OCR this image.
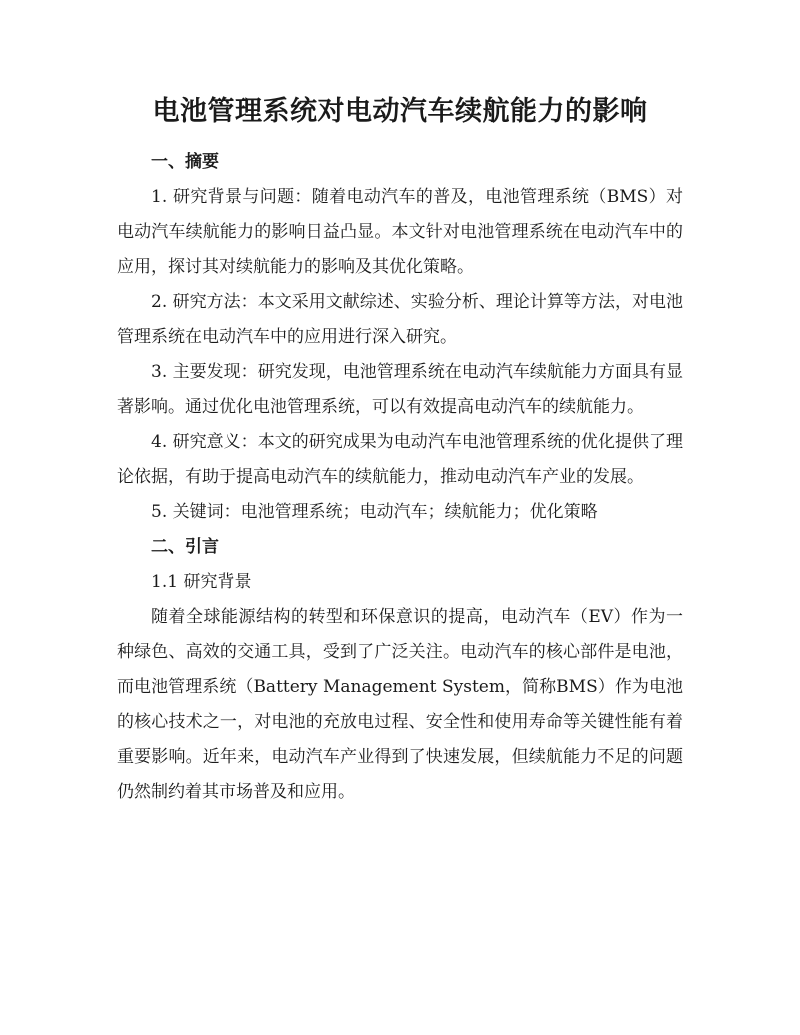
电池管理系统对电动汽车续航能力的影响

一、摘要

1. 研究背景与问题：随着电动汽车的普及，电池管理系统（BMS）对电动汽车续航能力的影响日益凸显。本文针对电池管理系统在电动汽车中的应用，探讨其对续航能力的影响及其优化策略。

2. 研究方法：本文采用文献综述、实验分析、理论计算等方法，对电池管理系统在电动汽车中的应用进行深入研究。

3. 主要发现：研究发现，电池管理系统在电动汽车续航能力方面具有显著影响。通过优化电池管理系统，可以有效提高电动汽车的续航能力。

4. 研究意义：本文的研究成果为电动汽车电池管理系统的优化提供了理论依据，有助于提高电动汽车的续航能力，推动电动汽车产业的发展。

5. 关键词：电池管理系统；电动汽车；续航能力；优化策略

二、引言

1.1 研究背景

随着全球能源结构的转型和环保意识的提高，电动汽车（EV）作为一种绿色、高效的交通工具，受到了广泛关注。电动汽车的核心部件是电池，而电池管理系统（Battery Management System，简称BMS）作为电池的核心技术之一，对电池的充放电过程、安全性和使用寿命等关键性能有着重要影响。近年来，电动汽车产业得到了快速发展，但续航能力不足的问题仍然制约着其市场普及和应用。
